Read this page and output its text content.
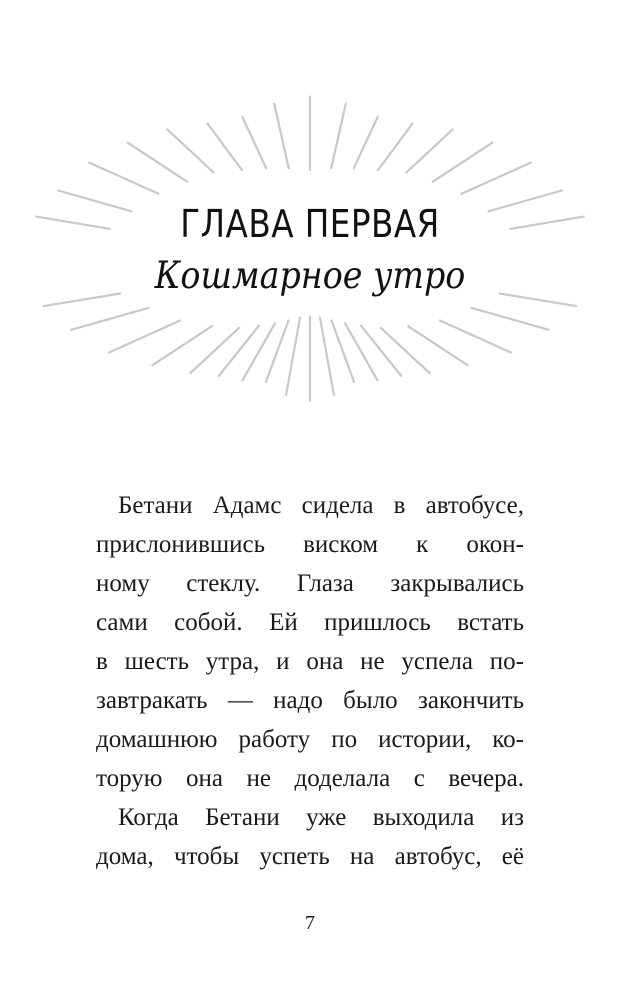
ГЛАВА ПЕРВАЯ
Кошмарное утро

Бетани Адамс сидела в автобусе,
прислонившись виском к окон-
ному стеклу. Глаза закрывались
сами собой. Ей пришлось встать
в шесть утра, и она не успела по-
завтракать — надо было закончить
домашнюю работу по истории, ко-
торую она не доделала с вечера.

Когда Бетани уже выходила из
дома, чтобы успеть на автобус, её

7
